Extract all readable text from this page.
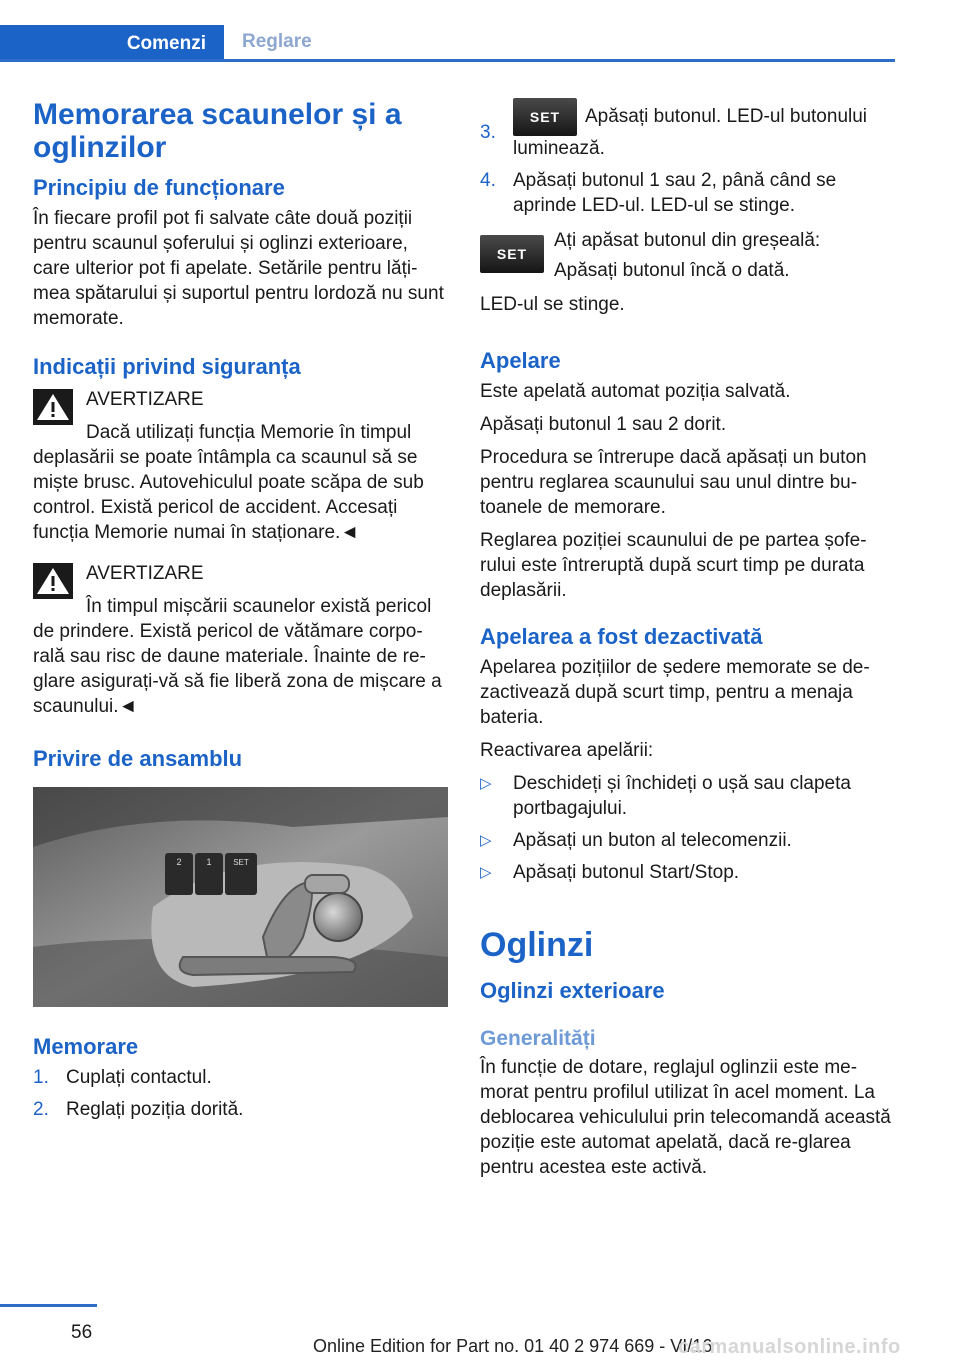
Comenzi	Reglare
Memorarea scaunelor și a oglinzilor
Principiu de funcționare

În fiecare profil pot fi salvate câte două poziții pentru scaunul șoferului și oglinzi exterioare, care ulterior pot fi apelate. Setările pentru lăți-mea spătarului și suportul pentru lordoză nu sunt memorate.

Indicații privind siguranța

AVERTIZARE

Dacă utilizați funcția Memorie în timpul

deplasării se poate întâmpla ca scaunul să se miște brusc. Autovehiculul poate scăpa de sub control. Există pericol de accident. Accesați funcția Memorie numai în staționare.◄

AVERTIZARE

În timpul mișcării scaunelor există pericol

de prindere. Există pericol de vătămare corpo-rală sau risc de daune materiale. Înainte de re-glare asigurați-vă să fie liberă zona de mișcare a scaunului.◄

Privire de ansamblu
2	1	SET
Memorare
1. Cuplați contactul.
2. Reglați poziția dorită.
3.
SET Apăsați butonul. LED-ul butonului luminează.
4. Apăsați butonul 1 sau 2, până când se aprinde LED-ul. LED-ul se stinge.
SET

Ați apăsat butonul din greșeală:

Apăsați butonul încă o dată.

LED-ul se stinge.

Apelare

Este apelată automat poziția salvată.

Apăsați butonul 1 sau 2 dorit.

Procedura se întrerupe dacă apăsați un buton pentru reglarea scaunului sau unul dintre bu-toanele de memorare.

Reglarea poziției scaunului de pe partea șofe-rului este întreruptă după scurt timp pe durata deplasării.

Apelarea a fost dezactivată

Apelarea pozițiilor de ședere memorate se de-zactivează după scurt timp, pentru a menaja bateria.

Reactivarea apelării:

▷ Deschideți și închideți o ușă sau clapeta portbagajului.
▷ Apăsați un buton al telecomenzii.
▷ Apăsați butonul Start/Stop.
Oglinzi
Oglinzi exterioare
Generalități

În funcție de dotare, reglajul oglinzii este me-morat pentru profilul utilizat în acel moment. La deblocarea vehiculului prin telecomandă această poziție este automat apelată, dacă re-glarea pentru acestea este activă.

56
Online Edition for Part no. 01 40 2 974 669 - VI/16
carmanualsonline.info
